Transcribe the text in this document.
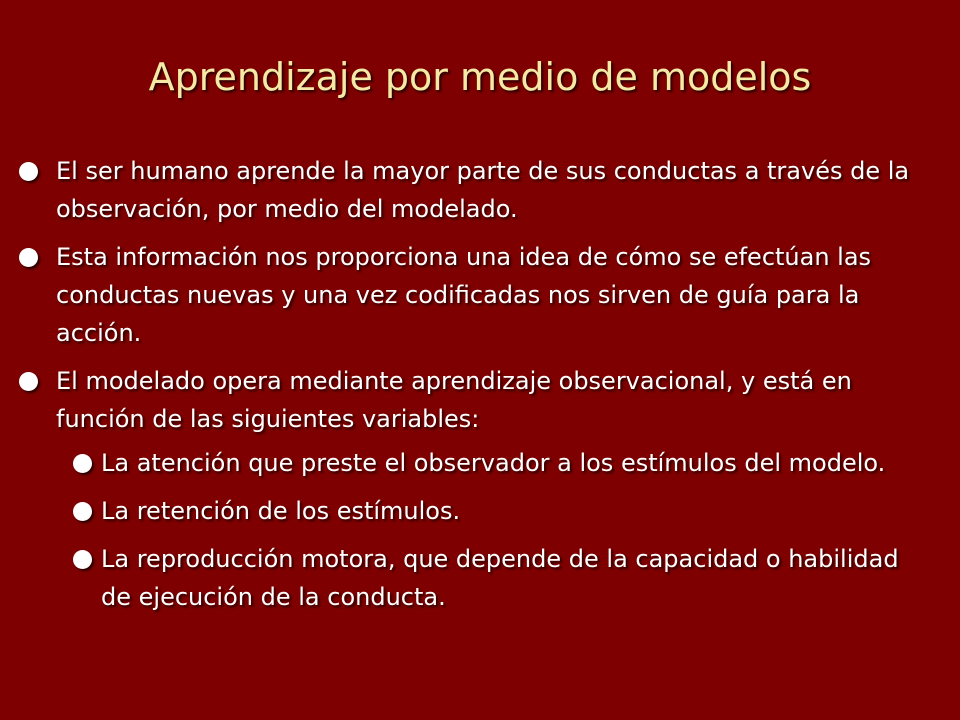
Aprendizaje por medio de modelos
El ser humano aprende la mayor parte de sus conductas a través de la observación, por medio del modelado.
Esta información nos proporciona una idea de cómo se efectúan las conductas nuevas y una vez codificadas nos sirven de guía para la acción.
El modelado opera mediante aprendizaje observacional, y está en función de las siguientes variables:
La atención que preste el observador a los estímulos del modelo.
La retención de los estímulos.
La reproducción motora, que depende de la capacidad o habilidad de ejecución de la conducta.
